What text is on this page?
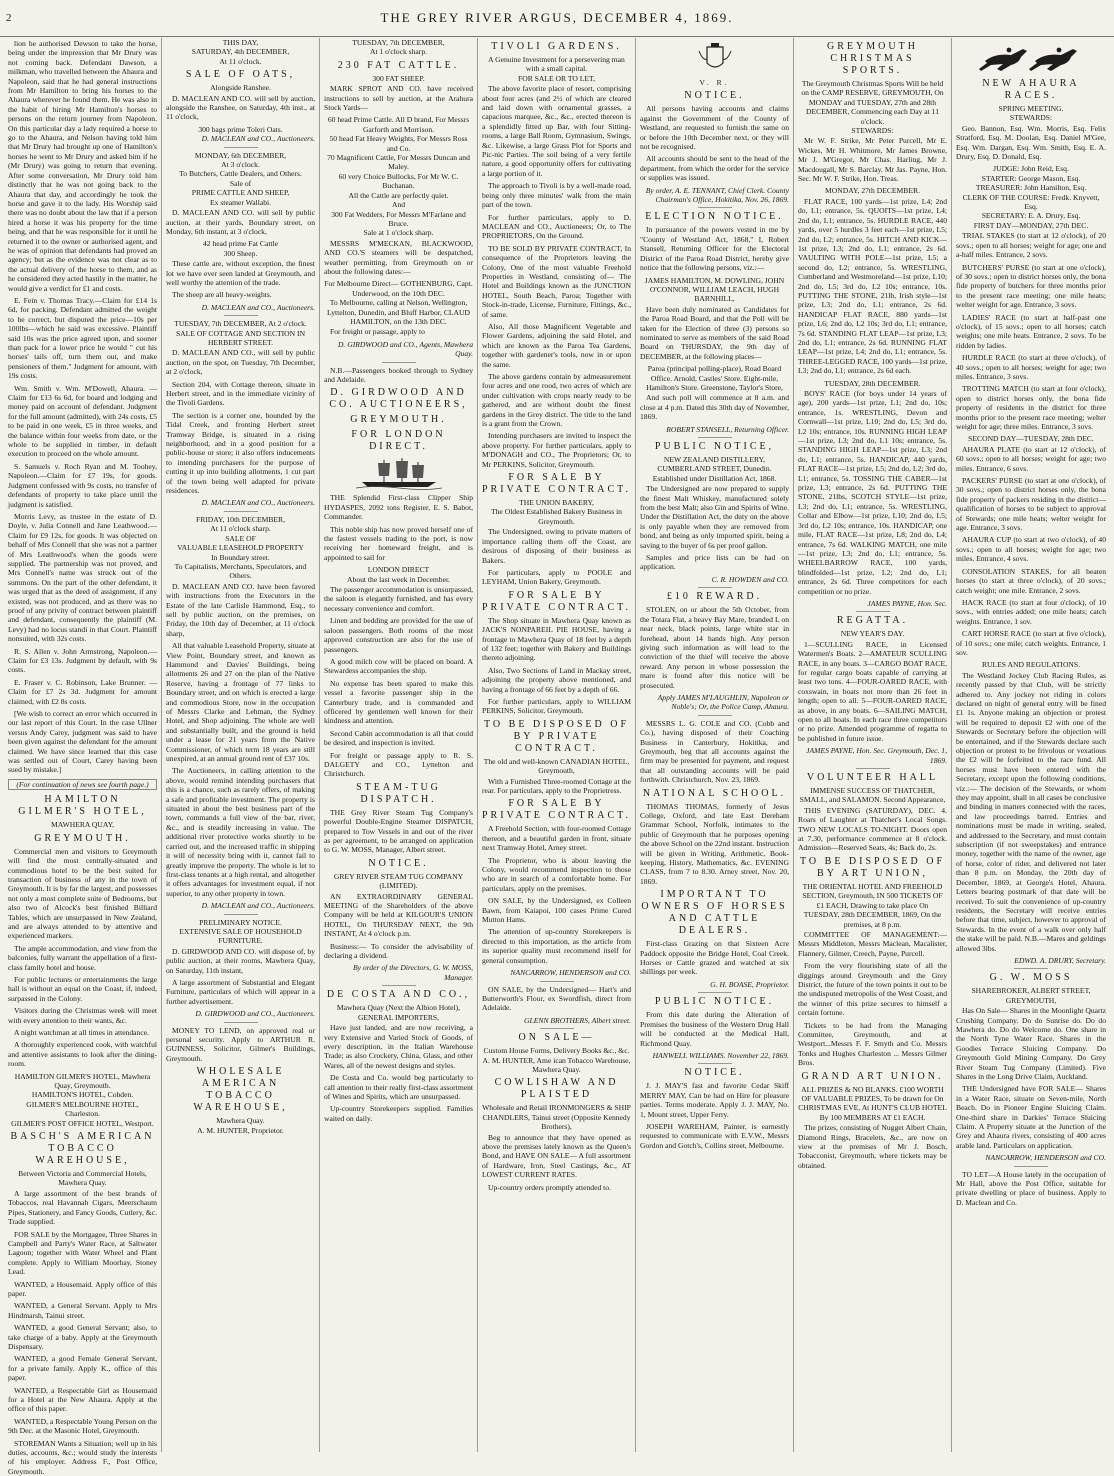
2	THE GREY RIVER ARGUS, DECEMBER 4, 1869.
lion he authorised Dewson to take the horse, being under the impression that Mr Drury was not coming back. Defendant Dawson, a milkman, who travelled between the Ahaura and Napoleon, said that he had general instructions from Mr Hamilton to bring his horses to the Ahaura wherever he found them. He was also in the habit of hiring Mr Hamilton's horses to persons on the return journey from Napoleon. On this particular day a lady required a horse to go to the Ahaura, and Nelson having told him that Mr Drury had brought up one of Hamilton's horses he went to Mr Drury and asked him if he (Mr Drury) was going to return that evening. After some conversation, Mr Drury told him distinctly that he was not going back to the Ahaura that day, and accordingly he took the horse and gave it to the lady. His Worship said there was no doubt about the law that if a person hired a horse it was his property for the time being, and that he was responsible for it until he returned it to the owner or authorised agent, and he was of opinion that defendants had proved an agency; but as the evidence was not clear as to the actual delivery of the horse to them, and as he considered they acted hastily in the matter, he would give a verdict for £1 and costs.
E. Fein v. Thomas Tracy.—Claim for £14 1s 6d, for packing. Defendant admitted the weight to be correct, but disputed the price—10s per 100lbs—which he said was excessive. Plaintiff said 10s was the price agreed upon, and sooner than pack for a lower price he would " cut his horses' tails off, turn them out, and make pensioners of them." Judgment for amount, with 19s costs.
Wm. Smith v. Wm. M'Dowell, Ahaura. —Claim for £13 6s 6d, for board and lodging and money paid on account of defendant. Judgment for the full amount (admitted), with 24s costs, £5 to be paid in one week, £5 in three weeks, and the balance within four weeks from date, or the whole to be supplied in timber, in default execution to proceed on the whole amount.
S. Samuels v. Roch Ryan and M. Toohey, Napoleon.—Claim for £7 19s, for goods. Judgment confessed with 9s costs, no transfer of defendants of property to take place until the judgment is satisfied.
Morris Levy, as trustee in the estate of D. Doyle, v. Julia Connell and Jane Leathwood.—Claim for £9 12s, for goods. It was objected on behalf of Mrs Connell that she was not a partner of Mrs Leathwood's when the goods were supplied. The partnership was not proved, and Mrs Connell's name was struck out of the summons. On the part of the other defendant, it was urged that as the deed of assignment, if any existed, was not produced, and as there was no proof of any privity of contract between plaintiff and defendant, consequently the plaintiff (M. Levy) had no locus standi in that Court. Plaintiff nonsuited, with 32s costs.
R. S. Allen v. John Armstrong, Napoleon.—Claim for £3 13s. Judgment by default, with 9s costs.
E. Fraser v. C. Robinson, Lake Brunner. —Claim for £7 2s 3d. Judgment for amount claimed, with £2 8s costs.
[We wish to correct an error which occurred in our last report of this Court. In the case Ullner versus Andy Carey, judgment was said to have been given against the defendant for the amount claimed. We have since learned that this case was settled out of Court, Carey having been sued by mistake.]
(For continuation of news see fourth page.)
HAMILTON GILMER'S HOTEL,
MAWHERA QUAY,
GREYMOUTH.
Commercial men and visitors to Greymouth will find the most centrally-situated and commodious hotel to be the best suited for transaction of business of any in the town of Greymouth. It is by far the largest, and possesses not only a most complete suite of Bedrooms, but also two of Alcock's best finished Billiard Tables, which are unsurpassed in New Zealand, and are always attended to by attentive and experienced markers.
The ample accommodation, and view from the balconies, fully warrant the appellation of a first-class family hotel and house.
For public lectures or entertainments the large hall is without an equal on the Coast, if, indeed, surpassed in the Colony.
Visitors during the Christmas week will meet with every attention to their wants, &c.
A night watchman at all times in attendance.
A thoroughly experienced cook, with watchful and attentive assistants to look after the dining-room.
HAMILTON GILMER'S HOTEL, Mawhera Quay, Greymouth.
HAMILTON'S HOTEL, Cobden.
GILMER'S MELBOURNE HOTEL, Charleston.
GILMER'S POST OFFICE HOTEL, Westport.
BASCH'S AMERICAN TOBACCO WAREHOUSE,
Between Victoria and Commercial Hotels, Mawhera Quay.
A large assortment of the best brands of Tobaccos, real Havannah Cigars, Meerschaum Pipes, Stationery, and Fancy Goods, Cutlery, &c. Trade supplied.
FOR SALE by the Mortgagee, Three Shares in Campbell and Party's Water Race, at Saltwater Lagoon; together with Water Wheel and Plant complete. Apply to William Moorhay, Stoney Lead.
WANTED, a Housemaid. Apply office of this paper.
WANTED, a General Servant. Apply to Mrs Hindmarsh, Tainui street.
WANTED, a good General Servant; also, to take charge of a baby. Apply at the Greymouth Dispensary.
WANTED, a good Female General Servant, for a private family. Apply K., office of this paper.
WANTED, a Respectable Girl as Housemaid for a Hotel at the New Ahaura. Apply at the office of this paper.
WANTED, a Respectable Young Person on the 9th Dec. at the Masonic Hotel, Greymouth.
STOREMAN Wants a Situation; well up in his duties, accounts, &c.; would study the interests of his employer. Address F., Post Office, Greymouth.
THIS DAY,
SATURDAY, 4th DECEMBER,
At 11 o'clock.
SALE OF OATS,
Alongside Ranshee.
D. MACLEAN AND CO. will sell by auction, alongside the Ranshee, on Saturday, 4th inst., at 11 o'clock,
300 bags prime Toleri Oats.
D. MACLEAN and CO., Auctioneers.
MONDAY, 6th DECEMBER,
At 3 o'clock.
To Butchers, Cattle Dealers, and Others.
Sale of
PRIME CATTLE AND SHEEP,
Ex steamer Wallabi.
D. MACLEAN AND CO. will sell by public auction, at their yards, Boundary street, on Monday, 6th instant, at 3 o'clock,
42 head prime Fat Cattle
300 Sheep.
These cattle are, without exception, the finest lot we have ever seen landed at Greymouth, and well worthy the attention of the trade.
The sheep are all heavy-weights.
D. MACLEAN and CO., Auctioneers.
TUESDAY, 7th DECEMBER, At 2 o'clock.
SALE OF COTTAGE AND SECTION IN HERBERT STREET.
D. MACLEAN AND CO., will sell by public auction, on the spot, on Tuesday, 7th December, at 2 o'clock,
Section 204, with Cottage thereon, situate in Herbert street, and in the immediate vicinity of the Tivoli Gardens.
The section is a corner one, bounded by the Tidal Creek, and fronting Herbert street Tramway Bridge, is situated in a rising neighborhood, and in a good position for a public-house or store; it also offers inducements to intending purchasers for the purpose of cutting it up into building allotments, 1 cut part of the town being well adapted for private residences.
D. MACLEAN and CO., Auctioneers.
FRIDAY, 10th DECEMBER,
At 11 o'clock sharp.
SALE OF
VALUABLE LEASEHOLD PROPERTY
In Boundary street.
To Capitalists, Merchants, Speculators, and Others.
D. MACLEAN AND CO. have been favored with instructions from the Executors in the Estate of the late Carlisle Hammond, Esq., to sell by public auction, on the premises, on Friday, the 10th day of December, at 11 o'clock sharp,
All that valuable Leasehold Property, situate at View Point, Boundary street, and known as Hammond and Davies' Buildings, being allotments 26 and 27 on the plan of the Native Reserve, having a frontage of 77 links to Boundary street, and on which is erected a large and commodious Store, now in the occupation of Messrs Clarke and Lehman, the Sydney Hotel, and Shop adjoining. The whole are well and substantially built, and the ground is held under a lease for 21 years from the Native Commissioner, of which term 18 years are still unexpired, at an annual ground rent of £37 10s.
The Auctioneers, in calling attention to the above, would remind intending purchasers that this is a chance, such as rarely offers, of making a safe and profitable investment. The property is situated in about the best business part of the town, commands a full view of the bar, river, &c., and is steadily increasing in value. The additional river protective works shortly to be carried out, and the increased traffic in shipping it will of necessity bring with it, cannot fail to greatly improve the property. The whole is let to first-class tenants at a high rental, and altogether it offers advantages for investment equal, if not superior, to any other property in town.
D. MACLEAN and CO., Auctioneers.
PRELIMINARY NOTICE.
EXTENSIVE SALE OF HOUSEHOLD FURNITURE.
D. GIRDWOOD AND CO. will dispose of, by public auction, at their rooms, Mawhera Quay, on Saturday, 11th instant,
A large assortment of Substantial and Elegant Furniture, particulars of which will appear in a further advertisement.
D. GIRDWOOD and CO., Auctioneers.
MONEY TO LEND, on approved real or personal security. Apply to ARTHUR R. GUINNESS, Solicitor, Gilmer's Buildings, Greymouth.
WHOLESALE AMERICAN TOBACCO WAREHOUSE,
Mawhera Quay.
A. M. HUNTER, Proprietor.
TUESDAY, 7th DECEMBER,
At 1 o'clock sharp.
230 FAT CATTLE.
300 FAT SHEEP.
MARK SPROT AND CO. have received instructions to sell by auction, at the Arahura Stock Yards—
60 head Prime Cattle. All D brand, For Messrs Garforth and Morrison.
50 head Fat Heavy Weights, For Messrs Ross and Co.
70 Magnificent Cattle, For Messrs Duncan and Maley.
60 very Choice Bullocks, For Mr W. C. Buchanan.
All the Cattle are perfectly quiet.
And
300 Fat Wedders, For Messrs M'Farlane and Bruce.
Sale at 1 o'clock sharp.
MESSRS M'MECKAN, BLACKWOOD, AND CO.'S steamers will be despatched, weather permitting, from Greymouth on or about the following dates:—
For Melbourne Direct— GOTHENBURG, Capt. Underwood, on the 10th DEC.
To Melbourne, calling at Nelson, Wellington, Lyttelton, Dunedin, and Bluff Harbor, CLAUD HAMILTON, on the 13th DEC.
For freight or passage, apply to
D. GIRDWOOD and CO., Agents, Mawhera Quay.
N.B.—Passengers booked through to Sydney and Adelaide.
D. GIRDWOOD AND CO. AUCTIONEERS,
GREYMOUTH.
FOR LONDON DIRECT.
THE Splendid First-class Clipper Ship HYDASPES, 2092 tons Register, E. S. Babot, Commander.
This noble ship has now proved herself one of the fastest vessels trading to the port, is now receiving her homeward freight, and is appointed to sail for
LONDON DIRECT
About the last week in December.
The passenger accommodation is unsurpassed, the saloon is elegantly furnished, and has every necessary convenience and comfort.
Linen and bedding are provided for the use of saloon passengers. Both rooms of the most approved construction are also for the use of passengers.
A good milch cow will be placed on board. A Stewardess accompanies the ship.
No expense has been spared to make this vessel a favorite passenger ship in the Canterbury trade, and is commanded and officered by gentlemen well known for their kindness and attention.
Second Cabin accommodation is all that could be desired, and inspection is invited.
For freight or passage apply to R. S. DALGETY and CO., Lyttelton and Christchurch.
STEAM-TUG DISPATCH.
THE Grey River Steam Tug Company's powerful Double-Engine Steamer DISPATCH, prepared to Tow Vessels in and out of the river as per agreement, to be arranged on application to G. W. MOSS, Manager, Albert street.
NOTICE.
GREY RIVER STEAM TUG COMPANY (LIMITED).
AN EXTRAORDINARY GENERAL MEETING of the Shareholders of the above Company will be held at KILGOUR'S UNION HOTEL, On THURSDAY NEXT, the 9th INSTANT, At 4 o'clock p.m.
Business:— To consider the advisability of declaring a dividend.
By order of the Directors, G. W. MOSS, Manager.
DE COSTA AND CO.,
Mawhera Quay (Next the Albion Hotel), GENERAL IMPORTERS,
Have just landed, and are now receiving, a very Extensive and Varied Stock of Goods, of every description, in the Italian Warehouse Trade; as also Crockery, China, Glass, and other Wares, all of the newest designs and styles.
De Costa and Co. would beg particularly to call attention to their really first-class assortment of Wines and Spirits, which are unsurpassed.
Up-country Storekeepers supplied. Families waited on daily.
TIVOLI GARDENS.
A Genuine Investment for a persevering man with a small capital.
FOR SALE OR TO LET,
The above favorite place of resort, comprising about four acres (and 2½ of which are cleared and laid down with ornamental grasses, a capacious marquee, &c., &c., erected thereon is a splendidly fitted up Bar, with four Sitting-rooms, a large Ball Room, Gymnasium, Swings, &c. Likewise, a large Grass Plot for Sports and Pic-nic Parties. The soil being of a very fertile nature, a good opportunity offers for cultivating a large portion of it.
The approach to Tivoli is by a well-made road, being only three minutes' walk from the main part of the town.
For further particulars, apply to D. MACLEAN and CO., Auctioneers; Or, to The PROPRIETORS, On the Ground.
TO BE SOLD BY PRIVATE CONTRACT, In consequence of the Proprietors leaving the Colony, One of the most valuable Freehold Properties in Westland, consisting of— The Hotel and Buildings known as the JUNCTION HOTEL, South Beach, Paroa; Together with Stock-in-trade, License, Furniture, Fittings, &c., of same.
Also, All those Magnificent Vegetable and Flower Gardens, adjoining the said Hotel, and which are known as the Paroa Tea Gardens, together with gardener's tools, now in or upon the same.
The above gardens contain by admeasurement four acres and one rood, two acres of which are under cultivation with crops nearly ready to be gathered, and are without doubt the finest gardens in the Grey district. The title to the land is a grant from the Crown.
Intending purchasers are invited to inspect the above property. For further particulars, apply to M'DONAGH and CO., The Proprietors; Or, to Mr PERKINS, Solicitor, Greymouth.
FOR SALE BY PRIVATE CONTRACT.
THE UNION BAKERY,
The Oldest Established Bakery Business in Greymouth.
The Undersigned, owing to private matters of importance calling them off the Coast, are desirous of disposing of their business as Bakers.
For particulars, apply to POOLE and LEYHAM, Union Bakery, Greymouth.
FOR SALE BY PRIVATE CONTRACT.
The Shop situate in Mawhera Quay known as JACK'S NONPAREIL PIE HOUSE, having a frontage to Mawhera Quay of 18 feet by a depth of 132 feet; together with Bakery and Buildings thereto adjoining.
Also, Two Sections of Land in Mackay street, adjoining the property above mentioned, and having a frontage of 66 feet by a depth of 66.
For further particulars, apply to WILLIAM PERKINS, Solicitor, Greymouth.
TO BE DISPOSED OF BY PRIVATE CONTRACT.
The old and well-known CANADIAN HOTEL, Greymouth,
With a Furnished Three-roomed Cottage at the rear. For particulars, apply to the Proprietress.
FOR SALE BY PRIVATE CONTRACT.
A Freehold Section, with four-roomed Cottage thereon, and a beautiful garden in front, situate next Tramway Hotel, Arney street.
The Proprietor, who is about leaving the Colony, would recommend inspection to those who are in search of a comfortable home. For particulars, apply on the premises.
ON SALE, by the Undersigned, ex Colleen Bawn, from Kaiapoi, 100 cases Prime Cured Mutton Hams.
The attention of up-country Storekeepers is directed to this importation, as the article from its superior quality must recommend itself for general consumption.
NANCARROW, HENDERSON and CO.
ON SALE, by the Undersigned— Hart's and Butterworth's Flour, ex Swordfish, direct from Adelaide.
GLENN BROTHERS, Albert street.
ON SALE—
Custom House Forms, Delivery Books &c., &c.
A. M. HUNTER, Ame ican Tobacco Warehouse, Mawhera Quay.
COWLISHAW AND PLAISTED
Wholesale and Retail IRONMONGERS & SHIP CHANDLERS, Tainui street (Opposite Kennedy Brothers),
Beg to announce that they have opened as above the premises lately known as the Queen's Bond, and HAVE ON SALE— A full assortment of Hardware, Iron, Steel Castings, &c., AT LOWEST CURRENT RATES.
Up-country orders promptly attended to.
V. R.
NOTICE.
All persons having accounts and claims against the Government of the County of Westland, are requested to furnish the same on or before the 10th December next, or they will not be recognised.
All accounts should be sent to the head of the department, from which the order for the service or supplies was issued.
By order, A. E. TENNANT, Chief Clerk. County Chairman's Office, Hokitika, Nov. 26, 1869.
ELECTION NOTICE.
In pursuance of the powers vested in me by "County of Westland Act, 1868," I, Robert Stansell, Returning Officer for the Electoral District of the Paroa Road District, hereby give notice that the following persons, viz.:—
JAMES HAMILTON, M. DOWLING, JOHN O'CONNOR, WILLIAM LEACH, HUGH BARNHILL,
Have been duly nominated as Candidates for the Paroa Road Board, and that the Poll will be taken for the Election of three (3) persons so nominated to serve as members of the said Road Board on THURSDAY, the 9th day of DECEMBER, at the following places—
Paroa (principal polling-place), Road Board Office. Arnold, Castles' Store. Eight-mile, Hamilton's Store. Greenstone, Taylor's Store,
And such poll will commence at 8 a.m. and close at 4 p.m. Dated this 30th day of November, 1869.
ROBERT STANSELL, Returning Officer.
PUBLIC NOTICE,
NEW ZEALAND DISTILLERY, CUMBERLAND STREET, Dunedin. Established under Distillation Act, 1868.
The Undersigned are now prepared to supply the finest Malt Whiskey, manufactured solely from the best Malt; also Gin and Spirits of Wine. Under the Distillation Act, the duty on the above is only payable when they are removed from bond, and being as only imported spirit, being a saving to the buyer of 6s per proof gallon.
Samples and price lists can be had on application.
C. R. HOWDEN and CO.
£10 REWARD.
STOLEN, on or about the 5th October, from the Totara Flat, a heavy Bay Mare, branded L on near neck, black points, large white star in forehead, about 14 hands high. Any person giving such information as will lead to the conviction of the thief will receive the above reward. Any person in whose possession the mare is found after this notice will be prosecuted.
Apply JAMES M'LAUGHLIN, Napoleon or Noble's; Or, the Police Camp, Ahaura.
MESSRS L. G. COLE and CO. (Cobb and Co.), having disposed of their Coaching Business in Canterbury, Hokitika, and Greymouth, beg that all accounts against the firm may be presented for payment, and request that all outstanding accounts will be paid forthwith. Christchurch, Nov. 23, 1869.
NATIONAL SCHOOL.
THOMAS THOMAS, formerly of Jesus College, Oxford, and late East Dereham Grammar School, Norfolk, intimates to the public of Greymouth that he purposes opening the above School on the 22nd instant. Instruction will be given in Writing, Arithmetic, Book-keeping, History, Mathematics, &c. EVENING CLASS, from 7 to 8.30. Arney street, Nov. 20, 1869.
IMPORTANT TO OWNERS OF HORSES AND CATTLE DEALERS.
First-class Grazing on that Sixteen Acre Paddock opposite the Bridge Hotel, Coal Creek. Horses or Cattle grazed and watched at six shillings per week.
G. H. BOASE, Proprietor.
PUBLIC NOTICE.
From this date during the Alteration of Premises the business of the Western Drug Hall will be conducted at the Medical Hall, Richmond Quay.
HANWELL WILLIAMS. November 22, 1869.
NOTICE.
J. J. MAY'S fast and favorite Cedar Skiff MERRY MAY, Can be had on Hire for pleasure parties. Terms moderate. Apply J. J. MAY, No. 1, Mount street, Upper Ferry.
JOSEPH WAREHAM, Painter, is earnestly requested to communicate with E.V.W., Messrs Gordon and Gotch's, Collins street, Melbourne.
GREYMOUTH CHRISTMAS SPORTS.
The Greymouth Christmas Sports Will be held on the CAMP RESERVE, GREYMOUTH, On MONDAY and TUESDAY, 27th and 28th DECEMBER, Commencing each Day at 11 o'clock.
STEWARDS:
Mr W. F. Strike, Mr Peter Purcell, Mr E. Wickes, Mr H. Whitmore, Mr James Browne, Mr J. M'Gregor, Mr Chas. Harling, Mr J. Macdougall, Mr S. Barclay. Mr Jas. Payne, Hon. Sec. Mr W. F. Strike, Hon. Treas.
MONDAY, 27th DECEMBER.
FLAT RACE, 100 yards—1st prize, L4; 2nd do, L1; entrance, 5s. QUOITS—1st prize, L4; 2nd do, L1; entrance, 5s. HURDLE RACE, 440 yards, over 5 hurdles 3 feet each—1st prize, L5; 2nd do, L2; entrance, 5s. HITCH AND KICK—1st prize, L3; 2nd do, L1; entrance, 2s 6d. VAULTING WITH POLE—1st prize, L5; a second do, L2; entrance, 5s. WRESTLING, Cumberland and Westmoreland—1st prize, L10; 2nd do, L5; 3rd do, L2 10s; entrance, 10s. PUTTING THE STONE, 21lb, Irish style—1st prize, L3; 2nd do, L1; entrance, 2s 6d. HANDICAP FLAT RACE, 880 yards—1st prize, L6; 2nd do, L2 10s; 3rd do, L1; entrance, 7s 6d. STANDING FLAT LEAP—1st prize, L3; 2nd do, L1; entrance, 2s 6d. RUNNING FLAT LEAP—1st prize, L4; 2nd do, L1; entrance, 5s. THREE-LEGGED RACE, 100 yards—1st prize, L3; 2nd do, L1; entrance, 2s 6d each.
TUESDAY, 28th DECEMBER.
BOYS' RACE (for boys under 14 years of age), 200 yards—1st prize, L1; 2nd do, 10s; entrance, 1s. WRESTLING, Devon and Cornwall—1st prize, L10; 2nd do, L5; 3rd do, L2 10s; entrance, 10s. RUNNING HIGH LEAP—1st prize, L3; 2nd do, L1 10s; entrance, 5s. STANDING HIGH LEAP—1st prize, L3; 2nd do, L1; entrance, 5s. HANDICAP, 440 yards, FLAT RACE—1st prize, L5; 2nd do, L2; 3rd do, L1; entrance, 5s. TOSSING THE CABER—1st prize, L3; entrance, 2s 6d. PUTTING THE STONE, 21lbs, SCOTCH STYLE—1st prize, L3; 2nd do, L1; entrance, 5s. WRESTLING, Collar and Elbow—1st prize, L10; 2nd do, L5; 3rd do, L2 10s; entrance, 10s. HANDICAP, one mile, FLAT RACE—1st prize, L8; 2nd do, L4; entrance, 7s 6d. WALKING MATCH, one mile—1st prize, L3; 2nd do, L1; entrance, 5s. WHEELBARROW RACE, 100 yards, blindfolded—1st prize, L2; 2nd do, L1; entrance, 2s 6d. Three competitors for each competition or no prize.
JAMES PAYNE, Hon. Sec.
REGATTA.
NEW YEAR'S DAY.
1—SCULLING RACE, in Licensed Watermen's Boats. 2—AMATEUR SCULLING RACE, in any boats. 3—CARGO BOAT RACE, for regular cargo boats capable of carrying at least two tons. 4—FOUR-OARED RACE, with coxswain, in boats not more than 26 feet in length; open to all. 5—FOUR-OARED RACE, as above, in any boats. 6—SAILING MATCH, open to all boats. In each race three competitors or no prize. Amended programme of regatta to be published in future issue.
JAMES PAYNE, Hon. Sec. Greymouth, Dec. 1, 1869.
VOLUNTEER HALL
IMMENSE SUCCESS OF THATCHER, SMALL, and SALAMON. Second Appearance,
THIS EVENING (SATURDAY), DEC. 4. Roars of Laughter at Thatcher's Local Songs. TWO NEW LOCALS TO-NIGHT. Doors open at 7.30, performance commence at 8 o'clock. Admission—Reserved Seats, 4s; Back do, 2s.
TO BE DISPOSED OF BY ART UNION,
THE ORIENTAL HOTEL AND FREEHOLD SECTION, Greymouth, IN 500 TICKETS OF £1 EACH, Drawing to take place On TUESDAY, 28th DECEMBER, 1869, On the premises, at 8 p.m.
COMMITTEE OF MANAGEMENT:— Messrs Middleton, Messrs Maclean, Macalister, Flannery, Gilmer, Creech, Payne, Purcell.
From the very flourishing state of all the diggings around Greymouth and the Grey District, the future of the town points it out to be the undisputed metropolis of the West Coast, and the winner of this prize secures to himself a certain fortune.
Tickets to be had from the Managing Committee, Greymouth, and at Westport...Messrs F. F. Smyth and Co. Messrs Tonks and Hughes Charleston ... Messrs Gilmer Bros.
GRAND ART UNION.
ALL PRIZES & NO BLANKS. £100 WORTH OF VALUABLE PRIZES, To be drawn for On CHRISTMAS EVE, At HUNT'S CLUB HOTEL By 100 MEMBERS AT £1 EACH.
The prizes, consisting of Nugget Albert Chain, Diamond Rings, Bracelets, &c., are now on view at the premises of Mr J. Bosch, Tobacconist, Greymouth, where tickets may be obtained.
NEW AHAURA RACES.
SPRING MEETING.
STEWARDS:
Geo. Bannon, Esq. Wm. Morris, Esq. Felix Stratford, Esq. M. Doolan, Esq. Daniel M'Gee, Esq. Wm. Dargan, Esq. Wm. Smith, Esq. E. A. Drury, Esq. D. Donald, Esq.
JUDGE: John Reid, Esq.
STARTER: George Mason, Esq.
TREASURER: John Hamilton, Esq.
CLERK OF THE COURSE: Fredk. Knyvett, Esq.
SECRETARY: E. A. Drury, Esq.
FIRST DAY—MONDAY, 27th DEC.
TRIAL STAKES (to start at 12 o'clock), of 20 sovs.; open to all horses; weight for age; one and a-half miles. Entrance, 2 sovs.
BUTCHERS' PURSE (to start at one o'clock), of 30 sovs.; open to district horses only, the bona fide property of butchers for three months prior to the present race meeting; one mile heats; welter weight for age. Entrance, 3 sovs.
LADIES' RACE (to start at half-past one o'clock), of 15 sovs.; open to all horses; catch weights; one mile heats. Entrance, 2 sovs. To be ridden by ladies.
HURDLE RACE (to start at three o'clock), of 40 sovs.; open to all horses; weight for age; two miles. Entrance, 3 sovs.
TROTTING MATCH (to start at four o'clock), open to district horses only, the bona fide property of residents in the district for three months prior to the present race meeting; welter weight for age; three miles. Entrance, 3 sovs.
SECOND DAY—TUESDAY, 28th DEC.
AHAURA PLATE (to start at 12 o'clock), of 60 sovs.; open to all horses; weight for age; two miles. Entrance, 6 sovs.
PACKERS' PURSE (to start at one o'clock), of 30 sovs.; open to district horses only, the bona fide property of packers residing in the district—qualification of horses to be subject to approval of Stewards; one mile heats; welter weight for age. Entrance, 3 sovs.
AHAURA CUP (to start at two o'clock), of 40 sovs.; open to all horses; weight for age; two miles. Entrance, 4 sovs.
CONSOLATION STAKES, for all beaten horses (to start at three o'clock), of 20 sovs.; catch weight; one mile. Entrance, 2 sovs.
HACK RACE (to start at four o'clock), of 10 sovs., with entries added; one mile heats; catch weights. Entrance, 1 sov.
CART HORSE RACE (to start at five o'clock), of 10 sovs.; one mile; catch weights. Entrance, 1 sov.
RULES AND REGULATIONS.
The Westland Jockey Club Racing Rules, as recently passed by that Club, will be strictly adhered to. Any jockey not riding in colors declared on night of general entry will be fined £1 1s. Anyone making an objection or protest will be required to deposit £2 with one of the Stewards or Secretary before the objection will be entertained, and if the Stewards declare such objection or protest to be frivolous or vexatious the £2 will be forfeited to the race fund. All horses must have been entered with the Secretary, except upon the following conditions, viz.:— The decision of the Stewards, or whom they may appoint, shall in all cases be conclusive and binding in matters connected with the races, and law proceedings barred. Entries and nominations must be made in writing, sealed, and addressed to the Secretary, and must contain subscription (if not sweepstakes) and entrance money, together with the name of the owner, age of horse, color of rider, and delivered not later than 8 p.m. on Monday, the 20th day of December, 1869, at George's Hotel, Ahaura. Letters bearing postmark of that date will be received. To suit the convenience of up-country residents, the Secretary will receive entries before that time, subject, however to approval of Stewards. In the event of a walk over only half the stake will be paid. N.B.—Mares and geldings allowed 3lbs.
EDWD. A. DRURY, Secretary.
G. W. MOSS
SHAREBROKER, ALBERT STREET, GREYMOUTH,
Has On Sale— Shares in the Moonlight Quartz Crushing Company. Do do Sunrise do. Do do Mawhera do. Do do Welcome do. One share in the North Tyne Water Race. Shares in the Goodies Terrace Sluicing Company. Do Greymouth Gold Mining Company. Do Grey River Steam Tug Company (Limited). Five Shares in the Long Drive Claim, Auckland.
THE Undersigned have FOR SALE— Shares in a Water Race, situate on Seven-mile, North Beach. Do in Pioneer Engine Sluicing Claim. One-third share in Darkies' Terrace Sluicing Claim. A Property situate at the Junction of the Grey and Ahaura rivers, consisting of 400 acres arable land. Particulars on application.
NANCARROW, HENDERSON and CO.
TO LET—A House lately in the occupation of Mr Hall, above the Post Office, suitable for private dwelling or place of business. Apply to D. Maclean and Co.
